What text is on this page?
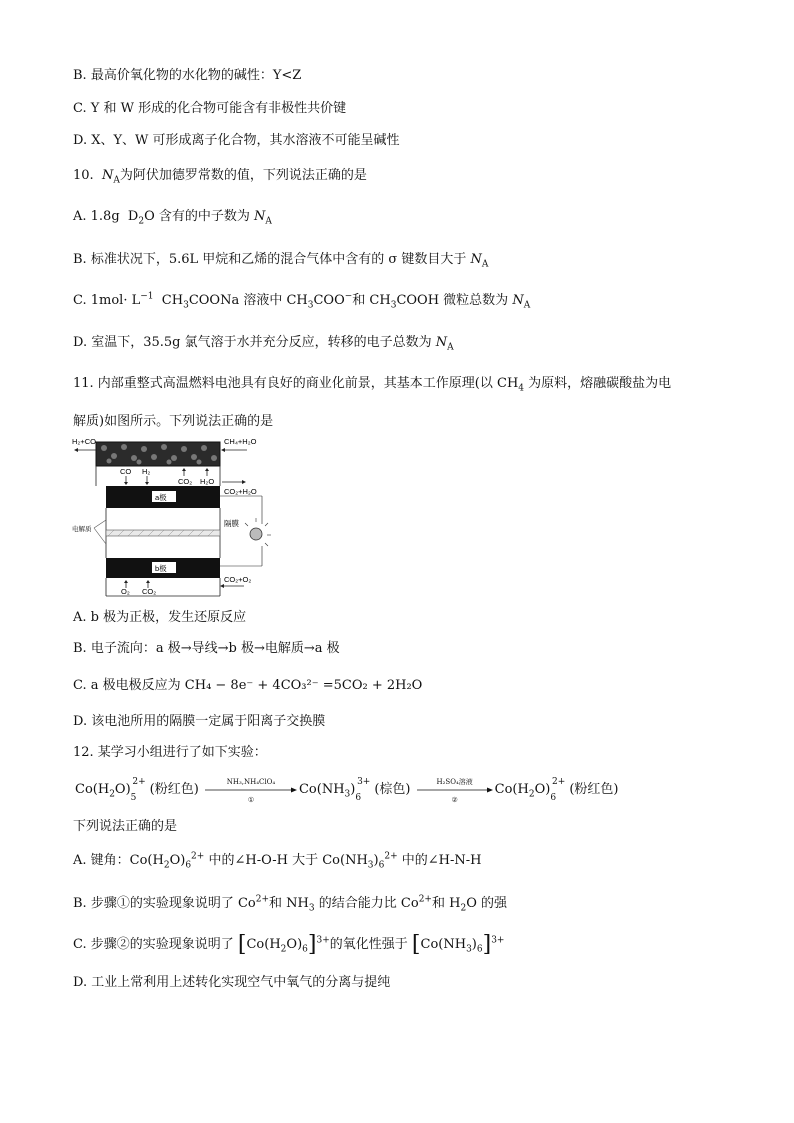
B. 最高价氧化物的水化物的碱性：Y<Z
C. Y 和 W 形成的化合物可能含有非极性共价键
D. X、Y、W 可形成离子化合物，其水溶液不可能呈碱性
10. $N_A$为阿伏加德罗常数的值，下列说法正确的是
A. 1.8g  $D_2O$ 含有的中子数为 $N_A$
B. 标准状况下，5.6L 甲烷和乙烯的混合气体中含有的 σ 键数目大于 $N_A$
C. $1mol\cdot L^{-1}$ $CH_3COONa$ 溶液中 $CH_3COO^-$和 $CH_3COOH$ 微粒总数为 $N_A$
D. 室温下，35.5g 氯气溶于水并充分反应，转移的电子总数为 $N_A$
11. 内部重整式高温燃料电池具有良好的商业化前景，其基本工作原理(以 $CH_4$ 为原料，熔融碳酸盐为电
解质)如图所示。下列说法正确的是
H₂+CO	CH₄+H₂O
CO H₂
CO₂ H₂O
CO₂+H₂O
a极
电解质
隔膜
b极
O₂ CO₂
CO₂+O₂
A. b 极为正极，发生还原反应
B. 电子流向：a 极→导线→b 极→电解质→a 极
C. a 极电极反应为 CH₄ − 8e⁻ + 4CO₃²⁻ =5CO₂ + 2H₂O
D. 该电池所用的隔膜一定属于阳离子交换膜
12. 某学习小组进行了如下实验：
$Co(H_2O)_5^{2+}$(粉红色)
NH₃,NH₄ClO₄
①
$Co(NH_3)_6^{3+}$(棕色)
H₂SO₄溶液
②
$Co(H_2O)_6^{2+}$(粉红色)
下列说法正确的是
A. 键角：$Co(H_2O)_6^{2+}$ 中的∠H-O-H 大于 $Co(NH_3)_6^{2+}$ 中的∠H-N-H
B. 步骤①的实验现象说明了 $Co^{2+}$和 $NH_3$ 的结合能力比 $Co^{2+}$和 $H_2O$ 的强
C. 步骤②的实验现象说明了 $[Co(H_2O)_6]^{3+}$的氧化性强于 $[Co(NH_3)_6]^{3+}$
D. 工业上常利用上述转化实现空气中氧气的分离与提纯
